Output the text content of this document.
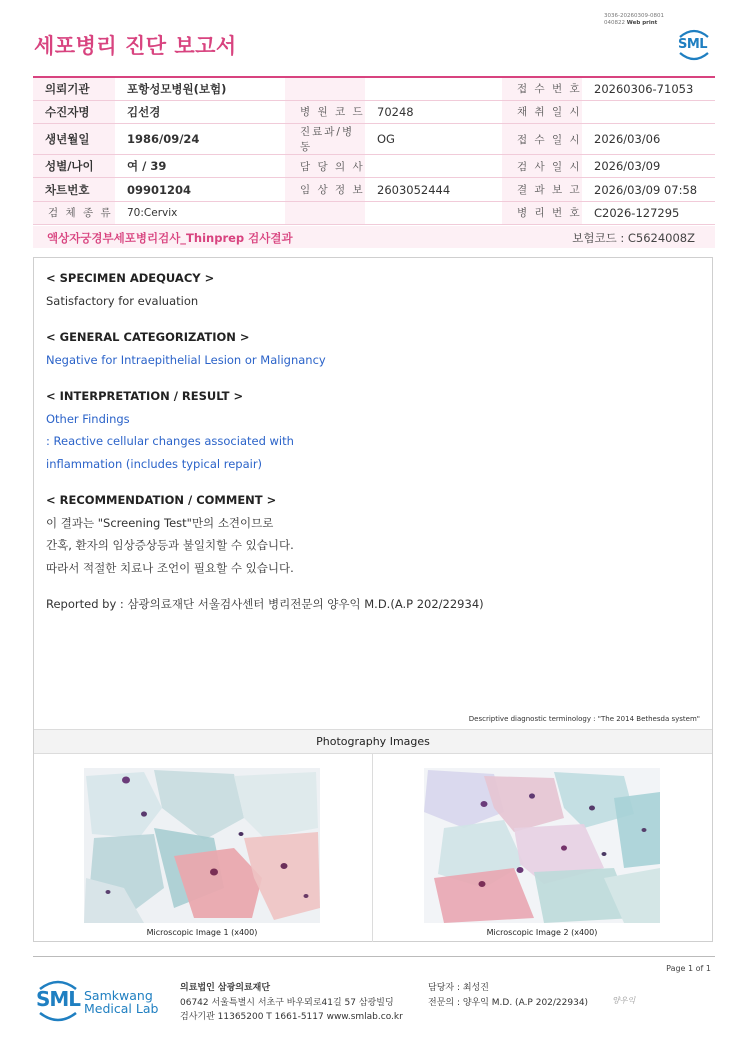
세포병리 진단 보고서
3036-20260309-0801
040822 Web print
SML
의뢰기관	포항성모병원(보험)			접 수 번 호	20260306-71053
수진자명	김선경	병 원 코 드	70248	채 취 일 시	
생년월일	1986/09/24	진료과/병동	OG	접 수 일 시	2026/03/06
성별/나이	여 / 39	담 당 의 사		검 사 일 시	2026/03/09
차트번호	09901204	임 상 정 보	2603052444	결 과 보 고	2026/03/09 07:58
검 체 종 류	70:Cervix			병 리 번 호	C2026-127295
액상자궁경부세포병리검사_Thinprep 검사결과	보험코드 : C5624008Z
< SPECIMEN ADEQUACY >
Satisfactory for evaluation
< GENERAL CATEGORIZATION >
Negative for Intraepithelial Lesion or Malignancy
< INTERPRETATION / RESULT >
Other Findings
: Reactive cellular changes associated with
inflammation (includes typical repair)
< RECOMMENDATION / COMMENT >
이 결과는 "Screening Test"만의 소견이므로
간혹, 환자의 임상증상등과 불일치할 수 있습니다.
따라서 적절한 치료나 조언이 필요할 수 있습니다.
Reported by : 삼광의료재단 서울검사센터 병리전문의 양우익 M.D.(A.P 202/22934)
Descriptive diagnostic terminology : "The 2014 Bethesda system"
Photography Images
Microscopic Image 1 (x400)	Microscopic Image 2 (x400)
Page 1 of 1
SML Samkwang
Medical Lab
의료법인 삼광의료재단
06742 서울특별시 서초구 바우뫼로41길 57 삼광빌딩
검사기관 11365200 T 1661-5117 www.smlab.co.kr
담당자 : 최성진
전문의 : 양우익 M.D. (A.P 202/22934)	양우익
